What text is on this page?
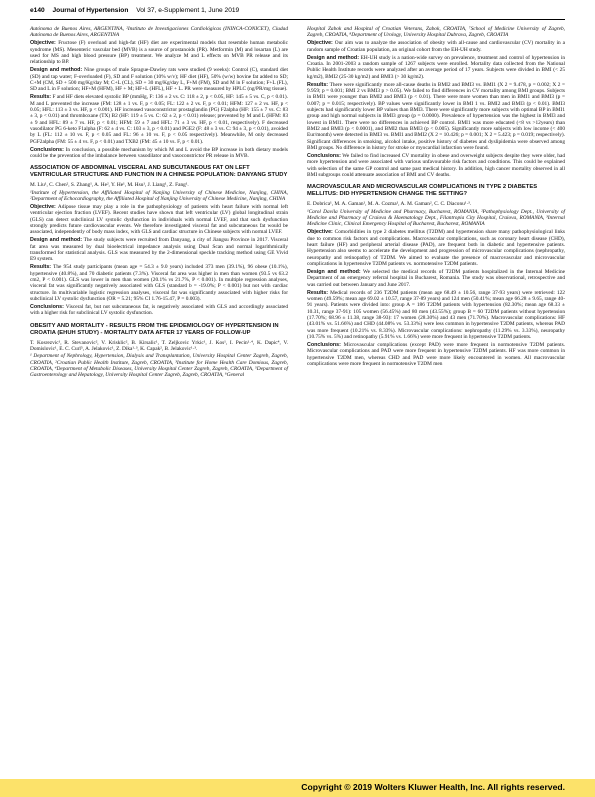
e140 Journal of Hypertension Vol 37, e-Supplement 1, June 2019

Autónoma de Buenos Aires, ARGENTINA, ²Instituto de Investigaciones Cardiológicas (ININCA-CONICET), Ciudad Autónoma de Buenos Aires, ARGENTINA

Objective: Fructose (F) overload and high-fat (HF) diet are experimental models that resemble human metabolic syndrome (MS). Mesenteric vascular bed (MVB) is a source of prostanoids (PR). Metformin (M) and losartan (L) are used for MS and high blood pressure (BP) treatment. We analyze M and L effects on MVB PR release and its relationship to BP.

Design and method: Nine groups of male Sprague-Dawley rats were studied (9 weeks): Control (C), standard diet (SD) and tap water; F-overloaded (F), SD and F solution (10% w/v); HF diet (HF), 50% (w/w) bovine fat added to SD; C+M (CM, SD + 500 mg/Kg/day M; C+L (CL), SD + 30 mg/Kg/day L, F+M (FM), SD and M in F solution; F+L (FL), SD and L in F solution; HF+M (HFM), HF + M; HF+L (HFL), HF + L. PR were measured by HPLC (ng/PR/mg tissue).

Results: F and HF diets elevated systolic BP (mmHg, F: 136 ± 2 vs. C: 118 ± 2, p < 0.05, HF: 145 ± 5 vs. C, p < 0.01). M and L prevented the increase (FM: 128 ± 1 vs. F, p < 0.05; FL: 122 ± 2 vs. F, p < 0.01; HFM: 127 ± 2 vs. HF, p < 0.05; HFL: 113 ± 3 vs. HF, p < 0.001). HF increased vasoconstrictor prostaglandin (PG) F2alpha (HF: 155 ± 7 vs. C: 83 ± 3, p < 0.01) and thromboxane (TX) B2 (HF: 119 ± 5 vs. C: 62 ± 2, p < 0.01) release; prevented by M and L (HFM: 83 ± 9 and HFL: 89 ± 7 vs. HF, p < 0.01; HFM: 59 ± 7 and HFL: 71 ± 3 vs. HF, p < 0.01, respectively). F decreased vasodilator PG 6-keto F1alpha (F: 62 ± 4 vs. C: 103 ± 3, p < 0.01) and PGE2 (F: 48 ± 3 vs. C: 94 ± 3, p < 0.01), avoided by L (FL: 112 ± 10 vs. F, p < 0.05 and FL: 96 ± 10 vs. F, p < 0.05 respectively). Meanwhile, M only decreased PGF2alpha (FM: 55 ± 4 vs. F, p < 0.01) and TXB2 (FM: 45 ± 10 vs. F, p < 0.01).

Conclusions: In conclusion, a possible mechanism by which M and L avoid the BP increase in both dietary models could be the prevention of the imbalance between vasodilator and vasoconstrictor PR release in MVB.

ASSOCIATION OF ABDOMINAL VISCERAL AND SUBCUTANEOUS FAT ON LEFT VENTRICULAR STRUCTURE AND FUNCTION IN A CHINESE POPULATION: DANYANG STUDY

M. Liu¹, C. Chen², S. Zhang¹, A. He², Y. He¹, M. Hsu¹, J. Liang¹, Z. Fang¹.

¹Institute of Hypertension, the Affiliated Hospital of Nanjing University of Chinese Medicine, Nanjing, CHINA, ²Department of Echocardiography, the Affiliated Hospital of Nanjing University of Chinese Medicine, Nanjing, CHINA

Objective: Adipose tissue may play a role in the pathophysiology of patients with heart failure with normal left ventricular ejection fraction (LVEF). Recent studies have shown that left ventricular (LV) global longitudinal strain (GLS) can detect subclinical LV systolic dysfunction in individuals with normal LVEF, and that such dysfunction strongly predicts future cardiovascular events. We therefore investigated visceral fat and subcutaneous fat would be associated, independently of body mass index, with GLS and cardiac structure in Chinese subjects with normal LVEF.

Design and method: The study subjects were recruited from Danyang, a city of Jiangsu Province in 2017. Visceral fat area was measured by dual bioelectrical impedance analysis using Dual Scan and normal logarithmically transformed for statistical analysis. GLS was measured by the 2-dimensional speckle tracking method using GE Vivid E9 system.

Results: The 954 study participants (mean age = 54.3 ± 9.0 years) included 373 men (39.1%), 96 obese (10.1%), hypertensive (40.8%), and 70 diabetic patients (7.3%). Visceral fat area was higher in men than women (93.5 vs 63.2 cm2, P < 0.001). GLS was lower in men than women (20.1% vs 21.7%, P < 0.001). In multiple regression analyses, visceral fat was significantly negatively associated with GLS (standard b = -19.0%; P < 0.001) but not with cardiac structure. In multivariable logistic regression analyses, visceral fat was significantly associated with higher risks for subclinical LV systolic dysfunction (OR = 5.21; 95% CI 1.76-15.47, P = 0.003).

Conclusions: Visceral fat, but not subcutaneous fat, is negatively associated with GLS and accordingly associated with a higher risk for subclinical LV systolic dysfunction.

OBESITY AND MORTALITY - RESULTS FROM THE EPIDEMIOLOGY OF HYPERTENSION IN CROATIA (EHUH STUDY) - MORTALITY DATA AFTER 17 YEARS OF FOLLOW-UP

T. Kosrezvic¹, R. Stevanovic², V. Krisklic², B. Kirsalic¹, T. Zeljkovic Yrkic¹, J. Kos¹, I. Pecin¹·⁴, K. Dapic⁴, V. Domislovic¹, E. C. Curl⁵, A. Jelakovic¹, Z. Dika¹·³, K. Capak², B. Jelakovic¹·³.

¹ Department of Nephrology, Hypertension, Dialysis and Transplantation, University Hospital Center Zagreb, Zagreb, CROATIA, ²Croatian Public Health Institute, Zagreb, CROATIA, ³Institute for Home Health Care Domious, Zagreb, CROATIA, ⁴Department of Metabolic Diseases, University Hospital Center Zagreb, Zagreb, CROATIA, ⁵Department of Gastroenterology and Hepatology, University Hospital Center Zagreb, Zagreb, CROATIA, ⁶General

Hospital Zabok and Hospital of Croatian Veterans, Zabok, CROATIA, ⁷School of Medicine University of Zagreb, Zagreb, CROATIA, ⁸Department of Urology, University Hospital Dubrava, Zagreb, CROATIA

Objective: Our aim was to analyze the association of obesity with all-cause and cardiovascular (CV) mortality in a random sample of Croatian population, an original cohort from the EH-UH study.

Design and method: EH-UH study is a nation-wide survey on prevalence, treatment and control of hypertension in Croatia. In 2001-2003 a random sample of 1267 subjects were enrolled. Mortality data collected from the National Public Health Institute records were analyzed after an average period of 17 years. Subjects were divided in BMI (< 25 kg/m2), BMI2 (25-30 kg/m2) and BMI3 (> 30 kg/m2).

Results: There were significantly more all-cause deaths in BMI2 and BMI3 vs. BMI1 (X 2 = 9.478, p = 0.002; X 2 = 9.959; p = 0.001; BMI 2 vs BMI3 p > 0.05). We failed to find differences in CV mortality among BMI groups. Subjects in BMI1 were younger than BMI2 and BMI3 (p < 0.01). There were more women than men in BMI1 and BMI3 (p = 0.007; p = 0.015; respectively). BP values were significantly lower in BMI 1 vs. BMI2 and BMI3 (p < 0.01). BMI3 subjects had significantly lower BP values than BMI3. There were significantly more subjects with optimal BP in BMI1 group and high normal subjects in BMI3 group (p = 0.0000). Prevalence of hypertension was the highest in BMI3 and lowest in BMI1. There were no differences in achieved BP control. BMI1 was more educated (<8 vs >12years) than BMI2 and BMI3 (p < 0.0001), and BMI2 than BMI3 (p < 0.005). Significantly more subjects with low income (< 400 Eur/month) were detected in BMI3 vs. BMI1 and BMI2 (X 2 = 10.426; p = 0.001; X 2 = 5.423; p = 0.019; respectively). Significant differences in smoking, alcohol intake, positive history of diabetes and dyslipidemia were observed among BMI groups. No difference in history for stroke or myocardial infarction were found.

Conclusions: We failed to find increased CV mortality in obese and overweight subjects despite they were older, had more hypertension and were associated with various unfavourable risk factors and conditions. This could be explained with selection of the same GP control and same past medical history. In addition, high cancer mortality observed in all BMI subgroups could attenuate association of BMI and CV deaths.

MACROVASCULAR AND MICROVASCULAR COMPLICATIONS IN TYPE 2 DIABETES MELLITUS: DID HYPERTENSION CHANGE THE SETTING?

E. Dobrica¹, M. A. Gaman¹, M. A. Cozma¹, A. M. Gaman², C. C. Diaconu¹·³.

¹Carol Davila University of Medicine and Pharmacy, Bucharest, ROMANIA, ²Pathophysiology Dept., University of Medicine and Pharmacy of Craiova & Haematology Dept., Filantropia City Hospital, Craiova, ROMANIA, ³Internal Medicine Clinic, Clinical Emergency Hospital of Bucharest, Bucharest, ROMANIA

Objective: Comorbidities in type 2 diabetes mellitus (T2DM) and hypertension share many pathophysiological links due to common risk factors and complications. Macrovascular complications, such as coronary heart disease (CHD), heart failure (HF) and peripheral arterial disease (PAD), are frequent both in diabetic and hypertensive patients. Hypertension also seems to accelerate the development and progression of microvascular complications (nephropathy, neuropathy and retinopathy) of T2DM. We aimed to evaluate the presence of macrovascular and microvascular complications in hypertensive T2DM patients vs. normotensive T2DM patients.

Design and method: We selected the medical records of T2DM patients hospitalized in the Internal Medicine Department of an emergency referral hospital in Bucharest, Romania. The study was observational, retrospective and was carried out between January and June 2017.

Results: Medical records of 236 T2DM patients (mean age 68.49 ± 10.56, range 37-93 years) were retrieved: 122 women (49.59%; mean age 69.02 ± 10.57, range 37-89 years) and 124 men (50.41%; mean age 66.28 ± 9.65, range 40-91 years). Patients were divided into: group A = 186 T2DM patients with hypertension (82.30%; mean age 68.33 ± 10.31, range 37-91): 105 women (56.45%) and 80 men (43.55%); group B = 60 T2DM patients without hypertension (17.70%; 68.96 ± 11.38, range 38-93): 17 women (28.30%) and 43 men (71.70%). Macrovascular complications: HF (43.01% vs. 51.66%) and CHD (44.08% vs. 53.33%) were less common in hypertensive T2DM patients, whereas PAD was more frequent (10.21% vs. 8.33%). Microvascular complications: nephropathy (11.29% vs. 3.33%), neuropathy (10.75% vs. 5%) and retinopathy (5.91% vs. 1.66%) were more frequent in hypertensive T2DM patients.

Conclusions: Microvascular complications (except PAD) were more frequent in normotensive T2DM patients. Microvascular complications and PAD were more frequent in hypertensive T2DM patients. HF was more common in hypertensive T2DM men, whereas CHD and PAD were more likely encountered in women. All macrovascular complications were more frequent in normotensive T2DM men

Copyright © 2019 Wolters Kluwer Health, Inc. All rights reserved.
